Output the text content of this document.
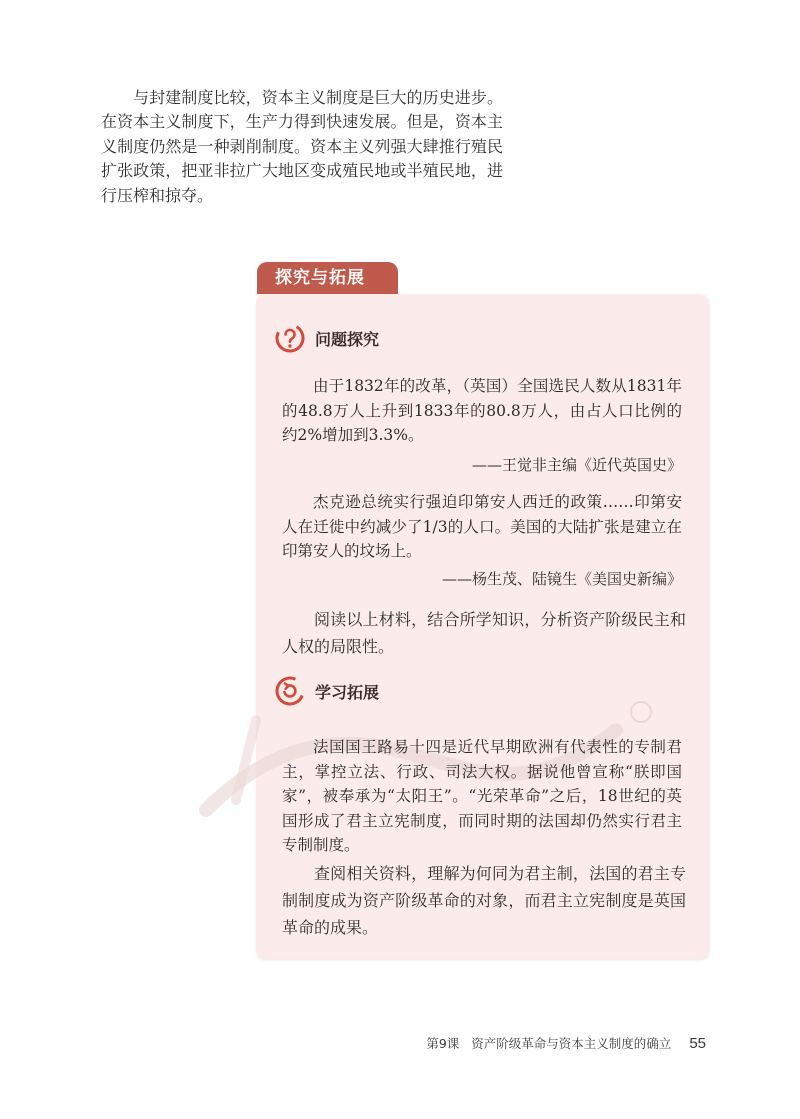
与封建制度比较，资本主义制度是巨大的历史进步。在资本主义制度下，生产力得到快速发展。但是，资本主义制度仍然是一种剥削制度。资本主义列强大肆推行殖民扩张政策，把亚非拉广大地区变成殖民地或半殖民地，进行压榨和掠夺。

探究与拓展
问题探究

由于1832年的改革，（英国）全国选民人数从1831年的48.8万人上升到1833年的80.8万人，由占人口比例的约2%增加到3.3%。

——王觉非主编《近代英国史》

杰克逊总统实行强迫印第安人西迁的政策……印第安人在迁徙中约减少了1/3的人口。美国的大陆扩张是建立在印第安人的坟场上。

——杨生茂、陆镜生《美国史新编》

阅读以上材料，结合所学知识，分析资产阶级民主和人权的局限性。

学习拓展

法国国王路易十四是近代早期欧洲有代表性的专制君主，掌控立法、行政、司法大权。据说他曾宣称“朕即国家”，被奉承为“太阳王”。“光荣革命”之后，18世纪的英国形成了君主立宪制度，而同时期的法国却仍然实行君主专制制度。

查阅相关资料，理解为何同为君主制，法国的君主专制制度成为资产阶级革命的对象，而君主立宪制度是英国革命的成果。

第9课 资产阶级革命与资本主义制度的确立 55
